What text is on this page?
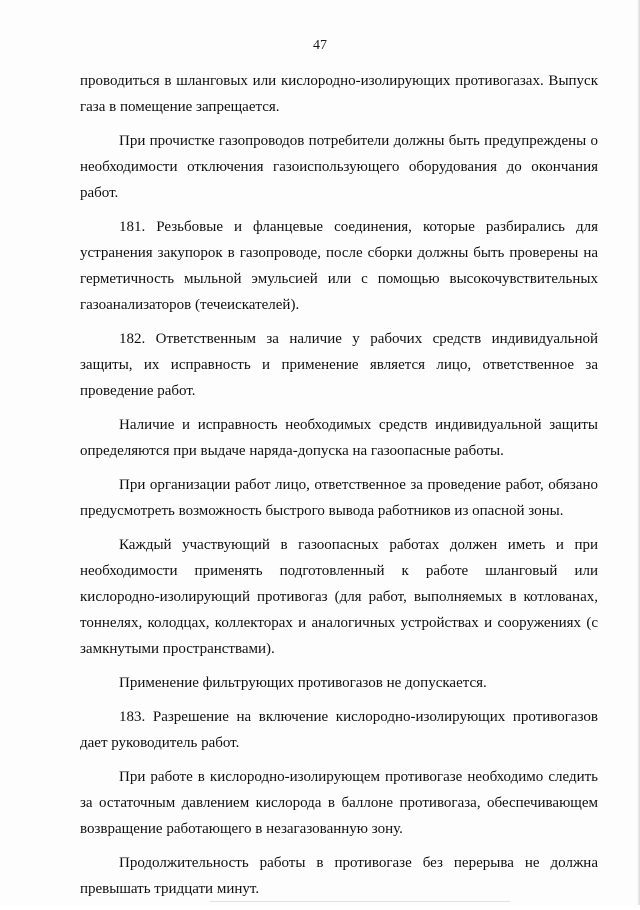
47

проводиться в шланговых или кислородно-изолирующих противогазах. Выпуск газа в помещение запрещается.

При прочистке газопроводов потребители должны быть предупреждены о необходимости отключения газоиспользующего оборудования до окончания работ.

181. Резьбовые и фланцевые соединения, которые разбирались для устранения закупорок в газопроводе, после сборки должны быть проверены на герметичность мыльной эмульсией или с помощью высокочувствительных газоанализаторов (течеискателей).

182. Ответственным за наличие у рабочих средств индивидуальной защиты, их исправность и применение является лицо, ответственное за проведение работ.

Наличие и исправность необходимых средств индивидуальной защиты определяются при выдаче наряда-допуска на газоопасные работы.

При организации работ лицо, ответственное за проведение работ, обязано предусмотреть возможность быстрого вывода работников из опасной зоны.

Каждый участвующий в газоопасных работах должен иметь и при необходимости применять подготовленный к работе шланговый или кислородно-изолирующий противогаз (для работ, выполняемых в котлованах, тоннелях, колодцах, коллекторах и аналогичных устройствах и сооружениях (с замкнутыми пространствами).

Применение фильтрующих противогазов не допускается.

183. Разрешение на включение кислородно-изолирующих противогазов дает руководитель работ.

При работе в кислородно-изолирующем противогазе необходимо следить за остаточным давлением кислорода в баллоне противогаза, обеспечивающем возвращение работающего в незагазованную зону.

Продолжительность работы в противогазе без перерыва не должна превышать тридцати минут.
